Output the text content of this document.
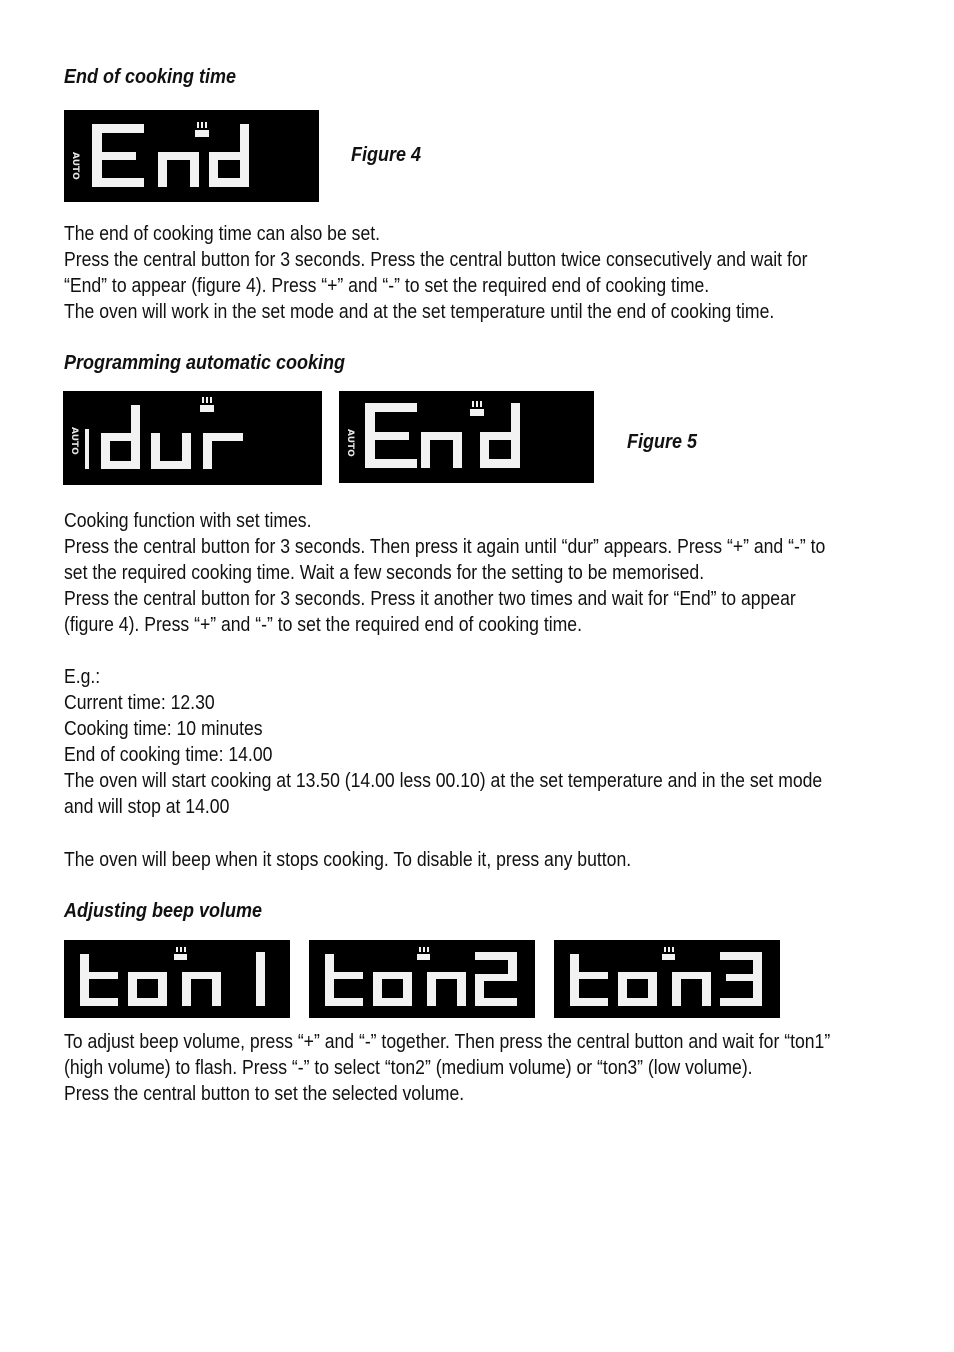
End of cooking time
AUTO	Figure 4

The end of cooking time can also be set.
Press the central button for 3 seconds. Press the central button twice consecutively and wait for
“End” to appear (figure 4). Press “+” and “-” to set the required end of cooking time.
The oven will work in the set mode and at the set temperature until the end of cooking time.

Programming automatic cooking
AUTO	AUTO	Figure 5

Cooking function with set times.
Press the central button for 3 seconds. Then press it again until “dur” appears. Press “+” and “-” to
set the required cooking time. Wait a few seconds for the setting to be memorised.
Press the central button for 3 seconds. Press it another two times and wait for “End” to appear
(figure 4). Press “+” and “-” to set the required end of cooking time.

E.g.:
Current time: 12.30
Cooking time: 10 minutes
End of cooking time: 14.00
The oven will start cooking at 13.50 (14.00 less 00.10) at the set temperature and in the set mode
and will stop at 14.00

The oven will beep when it stops cooking. To disable it, press any button.

Adjusting beep volume

To adjust beep volume, press “+” and “-” together. Then press the central button and wait for “ton1”
(high volume) to flash. Press “-” to select “ton2” (medium volume) or “ton3” (low volume).
Press the central button to set the selected volume.
